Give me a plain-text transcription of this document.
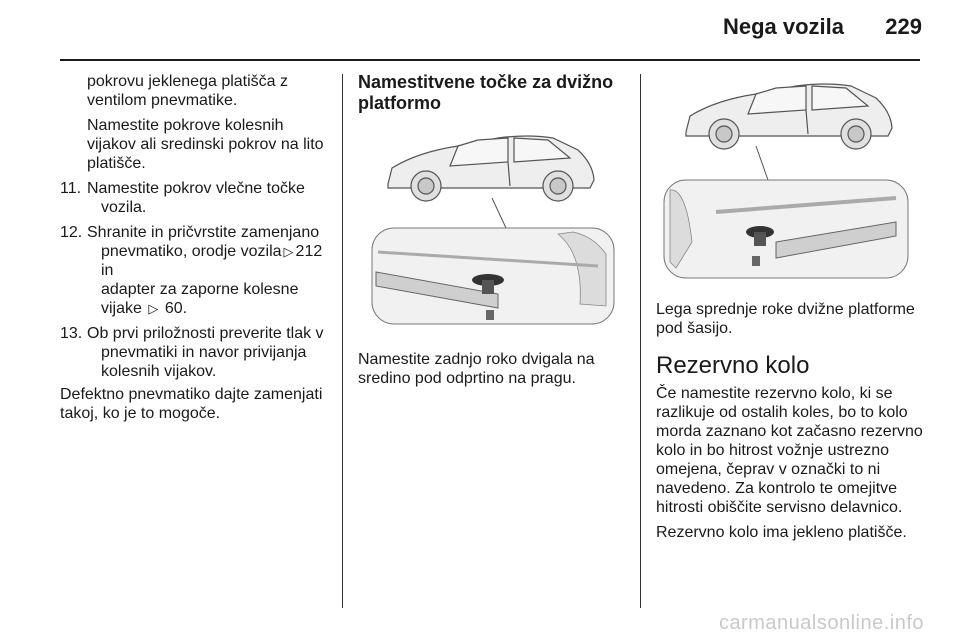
Nega vozila 229

pokrovu jeklenega platišča z
ventilom pnevmatike.

Namestite pokrove kolesnih
vijakov ali sredinski pokrov na lito
platišče.

11. Namestite pokrov vlečne točke
vozila.
12. Shranite in pričvrstite zamenjano
pnevmatiko, orodje vozila ▷ 212 in
adapter za zaporne kolesne
vijake ▷ 60.
13. Ob prvi priložnosti preverite tlak v
pnevmatiki in navor privijanja
kolesnih vijakov.

Defektno pnevmatiko dajte zamenjati
takoj, ko je to mogoče.

Namestitvene točke za dvižno
platformo

Namestite zadnjo roko dvigala na
sredino pod odprtino na pragu.

Lega sprednje roke dvižne platforme
pod šasijo.

Rezervno kolo

Če namestite rezervno kolo, ki se
razlikuje od ostalih koles, bo to kolo
morda zaznano kot začasno rezervno
kolo in bo hitrost vožnje ustrezno
omejena, čeprav v označki to ni
navedeno. Za kontrolo te omejitve
hitrosti obiščite servisno delavnico.

Rezervno kolo ima jekleno platišče.

carmanualsonline.info
